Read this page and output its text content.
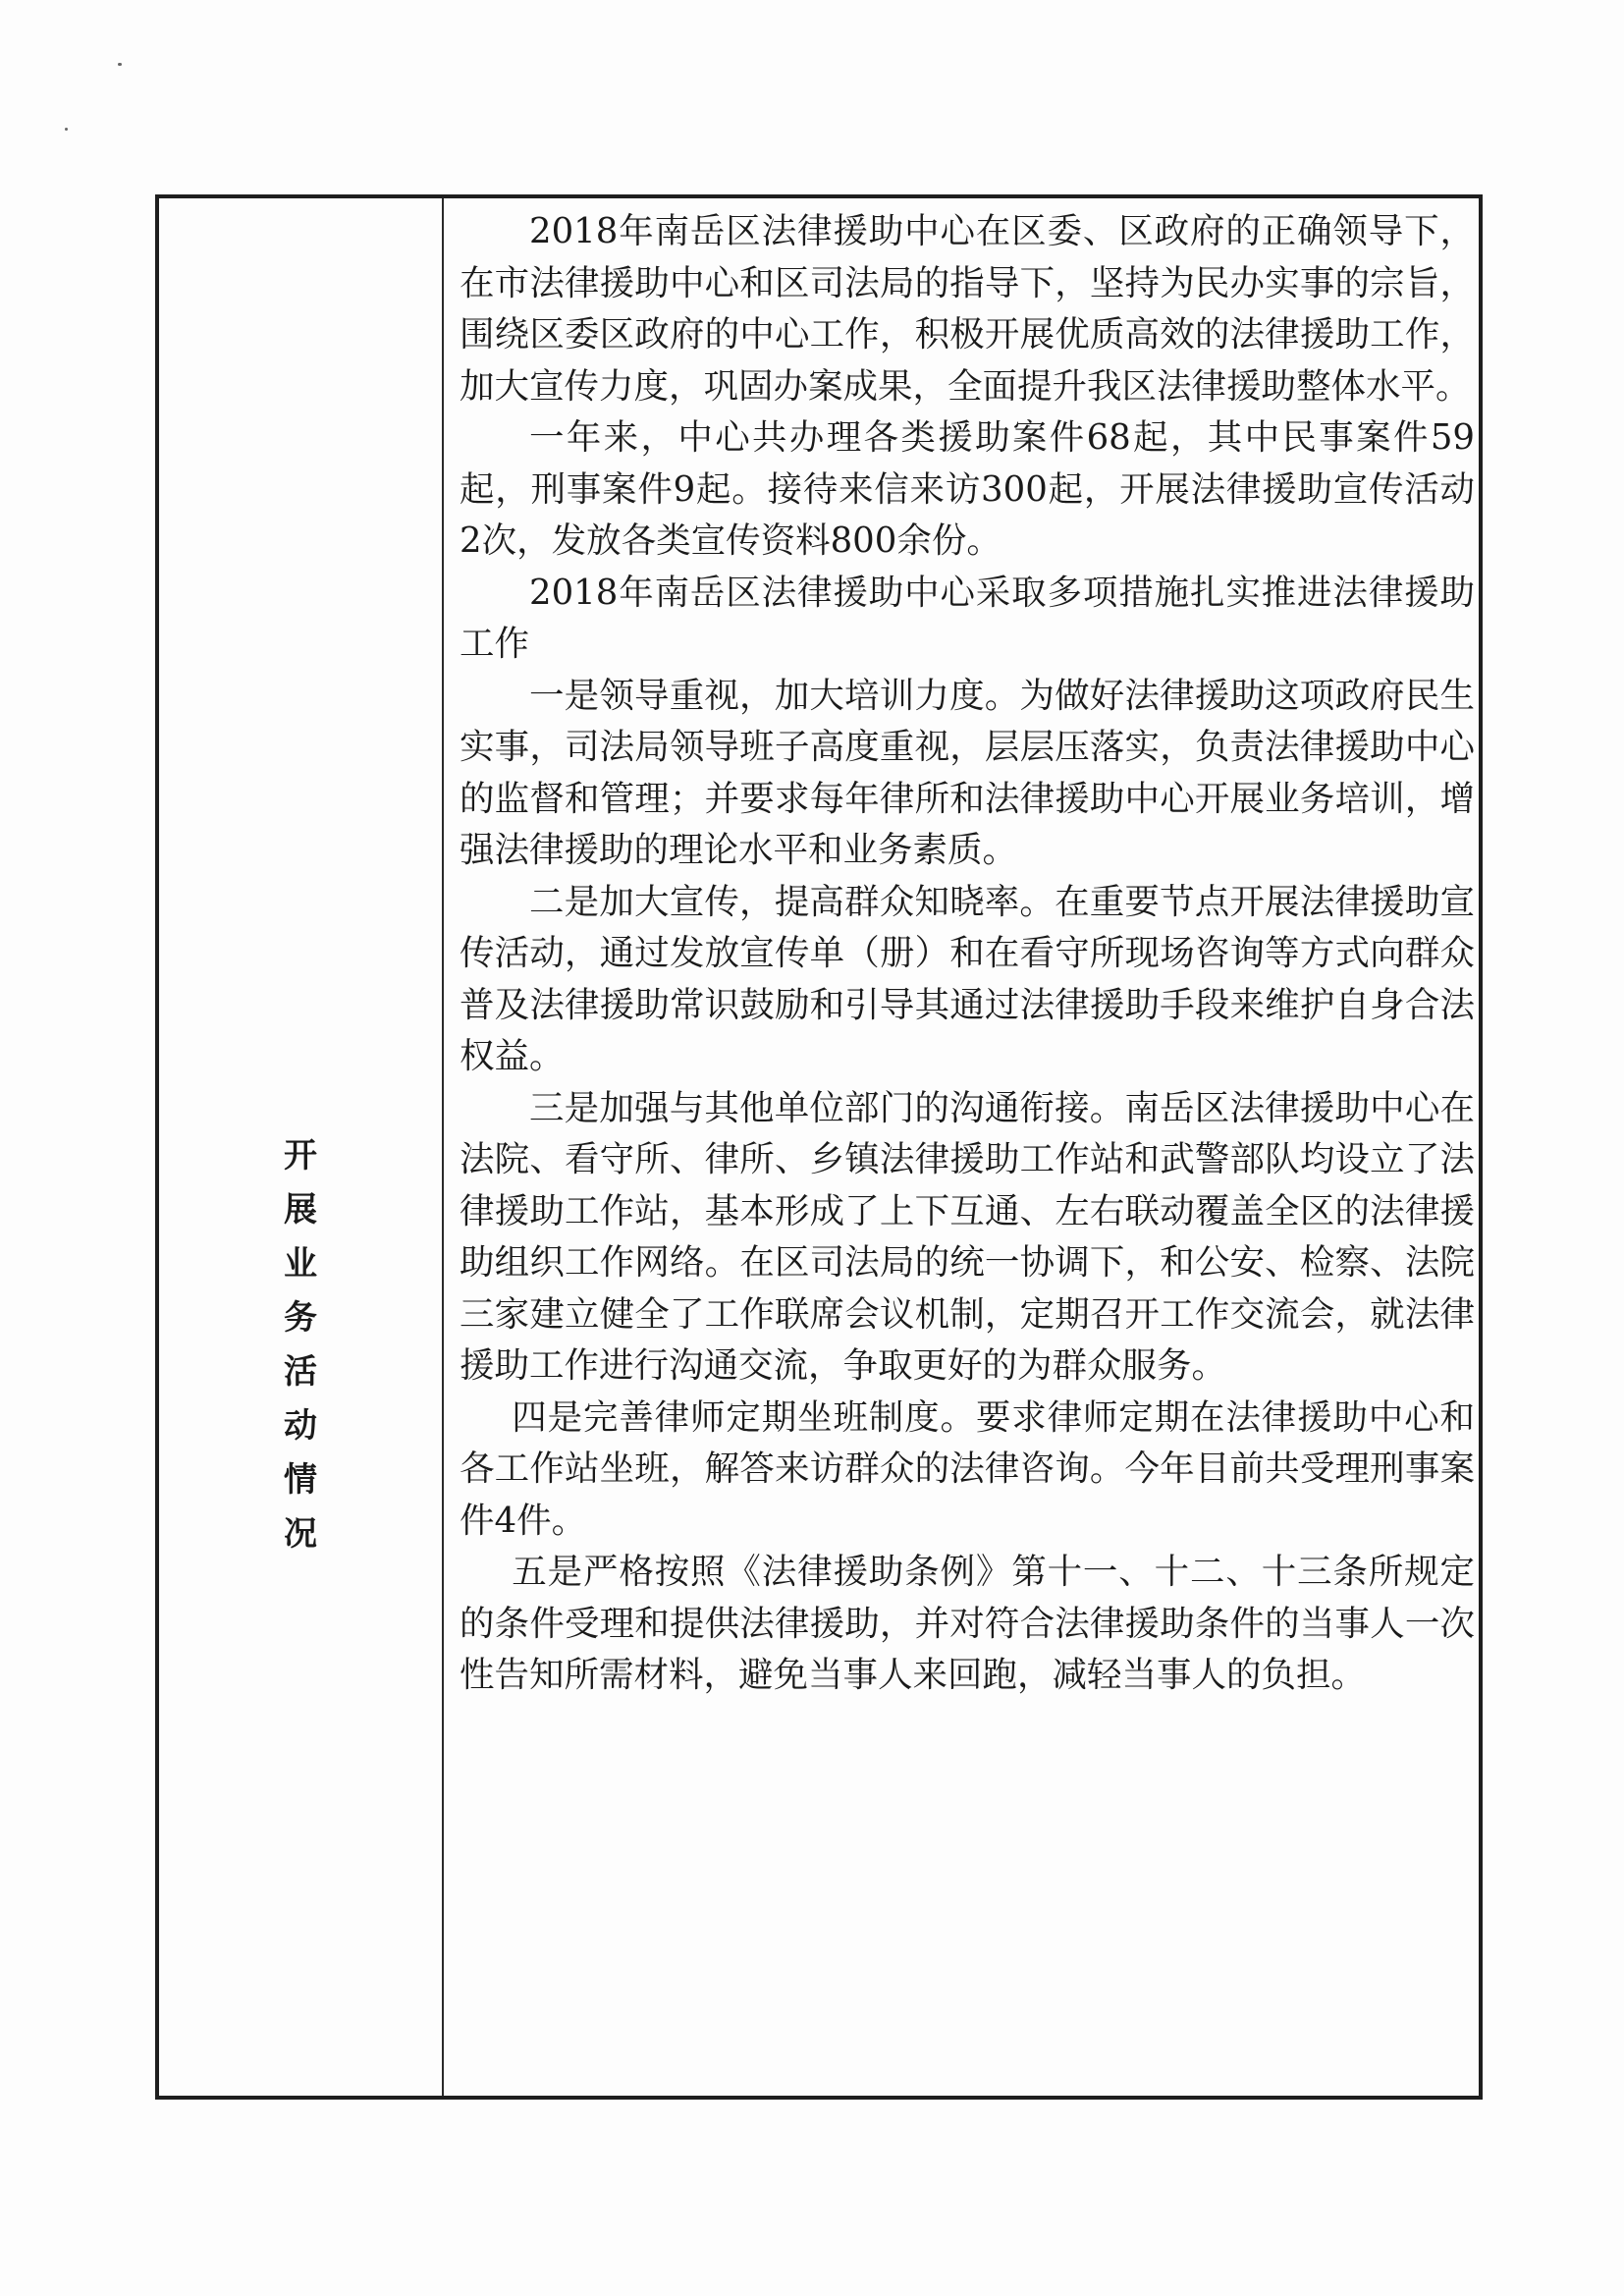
开
展
业
务
活
动
情
况

2018年南岳区法律援助中心在区委、区政府的正确领导下，在市法律援助中心和区司法局的指导下，坚持为民办实事的宗旨，围绕区委区政府的中心工作，积极开展优质高效的法律援助工作，加大宣传力度，巩固办案成果，全面提升我区法律援助整体水平。

一年来，中心共办理各类援助案件68起，其中民事案件59起，刑事案件9起。接待来信来访300起，开展法律援助宣传活动2次，发放各类宣传资料800余份。

2018年南岳区法律援助中心采取多项措施扎实推进法律援助工作

一是领导重视，加大培训力度。为做好法律援助这项政府民生实事，司法局领导班子高度重视，层层压落实，负责法律援助中心的监督和管理；并要求每年律所和法律援助中心开展业务培训，增强法律援助的理论水平和业务素质。

二是加大宣传，提高群众知晓率。在重要节点开展法律援助宣传活动，通过发放宣传单（册）和在看守所现场咨询等方式向群众普及法律援助常识鼓励和引导其通过法律援助手段来维护自身合法权益。

三是加强与其他单位部门的沟通衔接。南岳区法律援助中心在法院、看守所、律所、乡镇法律援助工作站和武警部队均设立了法律援助工作站，基本形成了上下互通、左右联动覆盖全区的法律援助组织工作网络。在区司法局的统一协调下，和公安、检察、法院三家建立健全了工作联席会议机制，定期召开工作交流会，就法律援助工作进行沟通交流，争取更好的为群众服务。

四是完善律师定期坐班制度。要求律师定期在法律援助中心和各工作站坐班，解答来访群众的法律咨询。今年目前共受理刑事案件4件。

五是严格按照《法律援助条例》第十一、十二、十三条所规定的条件受理和提供法律援助，并对符合法律援助条件的当事人一次性告知所需材料，避免当事人来回跑，减轻当事人的负担。
